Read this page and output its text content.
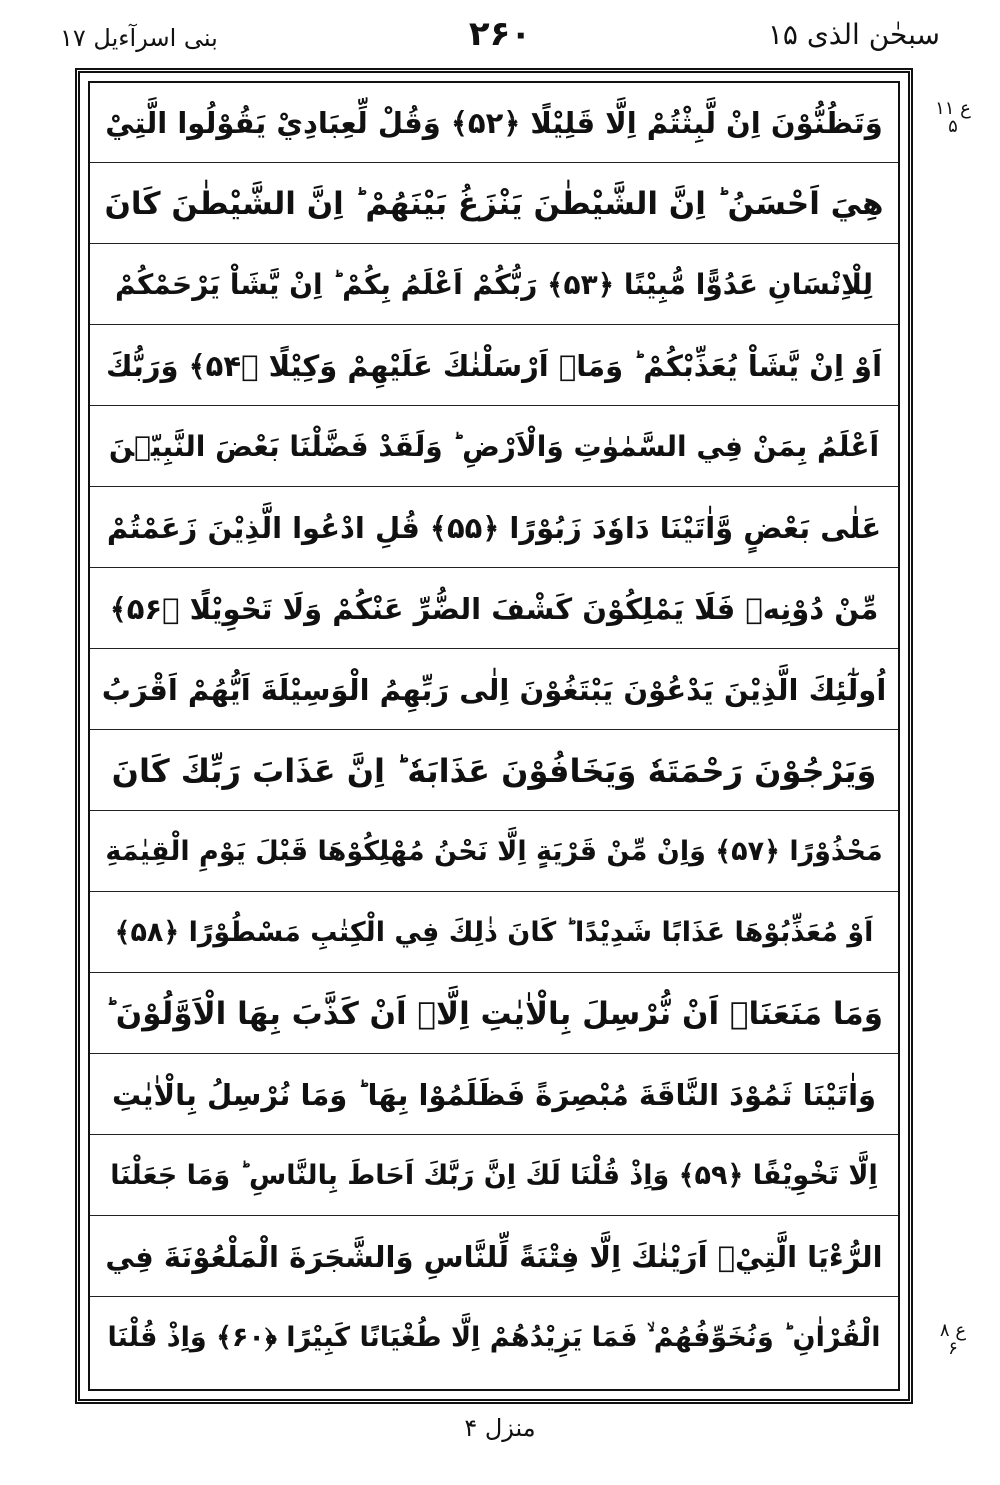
بنی اسرآءیل ۱۷	۲۶۰	سبحٰن الذی ۱۵
ع ۱۱
۵
ع ۸
۶
وَتَظُنُّوْنَ اِنْ لَّبِثْتُمْ اِلَّا قَلِيْلًا ﴿۵۲﴾ وَقُلْ لِّعِبَادِيْ يَقُوْلُوا الَّتِيْ
هِيَ اَحْسَنُ ؕ اِنَّ الشَّيْطٰنَ يَنْزَغُ بَيْنَهُمْ ؕ اِنَّ الشَّيْطٰنَ كَانَ
لِلْاِنْسَانِ عَدُوًّا مُّبِيْنًا ﴿۵۳﴾ رَبُّكُمْ اَعْلَمُ بِكُمْ ؕ اِنْ يَّشَاْ يَرْحَمْكُمْ
اَوْ اِنْ يَّشَاْ يُعَذِّبْكُمْ ؕ وَمَاۤ اَرْسَلْنٰكَ عَلَيْهِمْ وَكِيْلًا ﴿۵۴﴾ وَرَبُّكَ
اَعْلَمُ بِمَنْ فِي السَّمٰوٰتِ وَالْاَرْضِ ؕ وَلَقَدْ فَضَّلْنَا بَعْضَ النَّبِيّٖنَ
عَلٰى بَعْضٍ وَّاٰتَيْنَا دَاوٗدَ زَبُوْرًا ﴿۵۵﴾ قُلِ ادْعُوا الَّذِيْنَ زَعَمْتُمْ
مِّنْ دُوْنِهٖ فَلَا يَمْلِكُوْنَ كَشْفَ الضُّرِّ عَنْكُمْ وَلَا تَحْوِيْلًا ﴿۵۶﴾
اُولٰٓئِكَ الَّذِيْنَ يَدْعُوْنَ يَبْتَغُوْنَ اِلٰى رَبِّهِمُ الْوَسِيْلَةَ اَيُّهُمْ اَقْرَبُ
وَيَرْجُوْنَ رَحْمَتَهٗ وَيَخَافُوْنَ عَذَابَهٗ ؕ اِنَّ عَذَابَ رَبِّكَ كَانَ
مَحْذُوْرًا ﴿۵۷﴾ وَاِنْ مِّنْ قَرْيَةٍ اِلَّا نَحْنُ مُهْلِكُوْهَا قَبْلَ يَوْمِ الْقِيٰمَةِ
اَوْ مُعَذِّبُوْهَا عَذَابًا شَدِيْدًا ؕ كَانَ ذٰلِكَ فِي الْكِتٰبِ مَسْطُوْرًا ﴿۵۸﴾
وَمَا مَنَعَنَاۤ اَنْ نُّرْسِلَ بِالْاٰيٰتِ اِلَّاۤ اَنْ كَذَّبَ بِهَا الْاَوَّلُوْنَ ؕ
وَاٰتَيْنَا ثَمُوْدَ النَّاقَةَ مُبْصِرَةً فَظَلَمُوْا بِهَا ؕ وَمَا نُرْسِلُ بِالْاٰيٰتِ
اِلَّا تَخْوِيْفًا ﴿۵۹﴾ وَاِذْ قُلْنَا لَكَ اِنَّ رَبَّكَ اَحَاطَ بِالنَّاسِ ؕ وَمَا جَعَلْنَا
الرُّءْيَا الَّتِيْۤ اَرَيْنٰكَ اِلَّا فِتْنَةً لِّلنَّاسِ وَالشَّجَرَةَ الْمَلْعُوْنَةَ فِي
الْقُرْاٰنِ ؕ وَنُخَوِّفُهُمْ ۙ فَمَا يَزِيْدُهُمْ اِلَّا طُغْيَانًا كَبِيْرًا ﴿۶۰﴾ وَاِذْ قُلْنَا
منزل ۴
